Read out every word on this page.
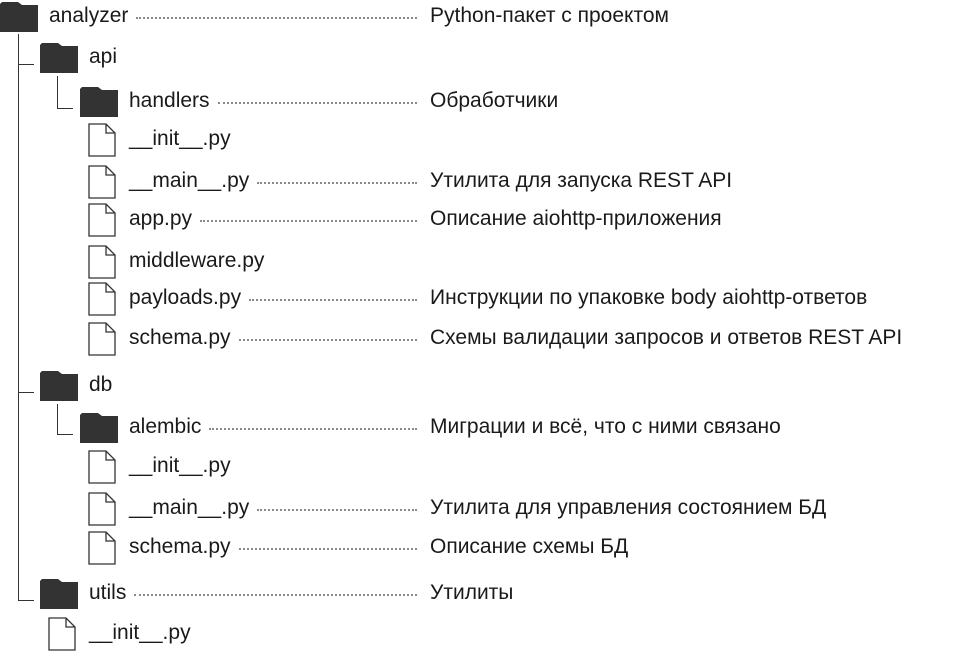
analyzer	Python-пакет с проектом
api
handlers	Обработчики
__init__.py
__main__.py	Утилита для запуска REST API
app.py	Описание aiohttp-приложения
middleware.py
payloads.py	Инструкции по упаковке body aiohttp-ответов
schema.py	Схемы валидации запросов и ответов REST API
db
alembic	Миграции и всё, что с ними связано
__init__.py
__main__.py	Утилита для управления состоянием БД
schema.py	Описание схемы БД
utils	Утилиты
__init__.py
